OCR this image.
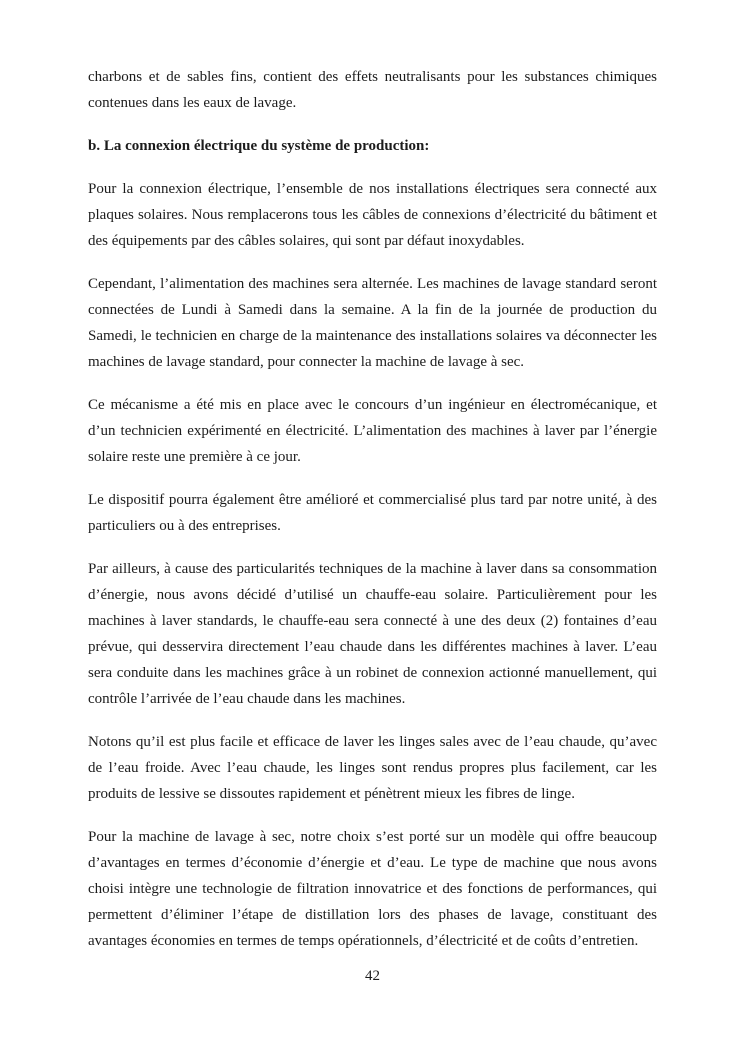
charbons et de sables fins, contient des effets neutralisants pour les substances chimiques contenues dans les eaux de lavage.

b. La connexion électrique du système de production:

Pour la connexion électrique, l’ensemble de nos installations électriques sera connecté aux plaques solaires. Nous remplacerons tous les câbles de connexions d’électricité du bâtiment et des équipements par des câbles solaires, qui sont par défaut inoxydables.

Cependant, l’alimentation des machines sera alternée. Les machines de lavage standard seront connectées de Lundi à Samedi dans la semaine. A la fin de la journée de production du Samedi, le technicien en charge de la maintenance des installations solaires va déconnecter les machines de lavage standard, pour connecter la machine de lavage à sec.

Ce mécanisme a été mis en place avec le concours d’un ingénieur en électromécanique, et d’un technicien expérimenté en électricité. L’alimentation des machines à laver par l’énergie solaire reste une première à ce jour.

Le dispositif pourra également être amélioré et commercialisé plus tard par notre unité, à des particuliers ou à des entreprises.

Par ailleurs, à cause des particularités techniques de la machine à laver dans sa consommation d’énergie, nous avons décidé d’utilisé un chauffe-eau solaire. Particulièrement pour les machines à laver standards, le chauffe-eau sera connecté à une des deux (2) fontaines d’eau prévue, qui desservira directement l’eau chaude dans les différentes machines à laver. L’eau sera conduite dans les machines grâce à un robinet de connexion actionné manuellement, qui contrôle l’arrivée de l’eau chaude dans les machines.

Notons qu’il est plus facile et efficace de laver les linges sales avec de l’eau chaude, qu’avec de l’eau froide. Avec l’eau chaude, les linges sont rendus propres plus facilement, car les produits de lessive se dissoutes rapidement et pénètrent mieux les fibres de linge.

Pour la machine de lavage à sec, notre choix s’est porté sur un modèle qui offre beaucoup d’avantages en termes d’économie d’énergie et d’eau. Le type de machine que nous avons choisi intègre une technologie de filtration innovatrice et des fonctions de performances, qui permettent d’éliminer l’étape de distillation lors des phases de lavage, constituant des avantages économies en termes de temps opérationnels, d’électricité et de coûts d’entretien.

42
